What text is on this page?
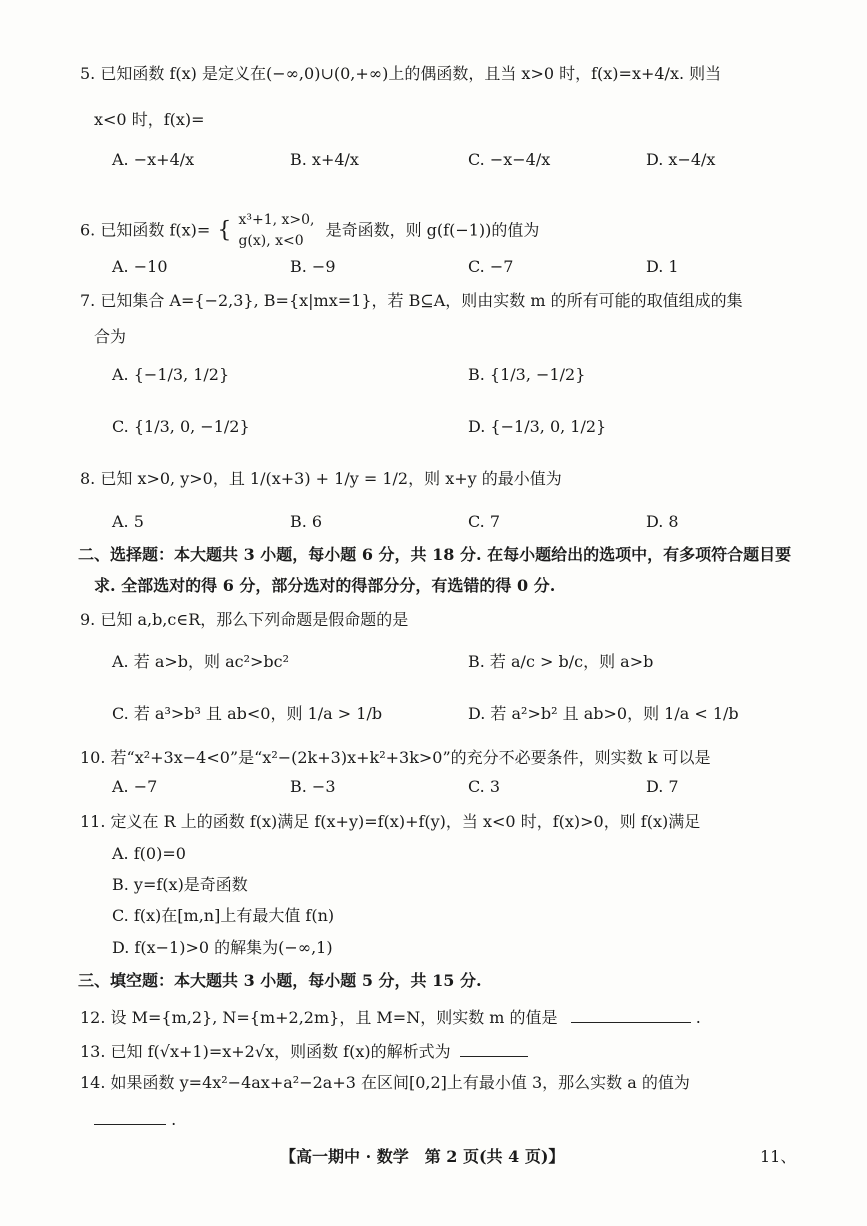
5. 已知函数 f(x) 是定义在(−∞,0)∪(0,+∞)上的偶函数，且当 x>0 时，f(x)=x+4/x. 则当
x<0 时，f(x)=
A. −x+4/x	B. x+4/x	C. −x−4/x	D. x−4/x
6. 已知函数 f(x)= { x³+1, x>0,
g(x), x<0
是奇函数，则 g(f(−1))的值为
A. −10	B. −9	C. −7	D. 1
7. 已知集合 A={−2,3}, B={x|mx=1}，若 B⊆A，则由实数 m 的所有可能的取值组成的集
合为
A. {−1/3, 1/2}	B. {1/3, −1/2}
C. {1/3, 0, −1/2}	D. {−1/3, 0, 1/2}
8. 已知 x>0, y>0，且 1/(x+3) + 1/y = 1/2，则 x+y 的最小值为
A. 5	B. 6	C. 7	D. 8
二、选择题：本大题共 3 小题，每小题 6 分，共 18 分. 在每小题给出的选项中，有多项符合题目要
求. 全部选对的得 6 分，部分选对的得部分分，有选错的得 0 分.
9. 已知 a,b,c∈R，那么下列命题是假命题的是
A. 若 a>b，则 ac²>bc²	B. 若 a/c > b/c，则 a>b
C. 若 a³>b³ 且 ab<0，则 1/a > 1/b	D. 若 a²>b² 且 ab>0，则 1/a < 1/b
10. 若“x²+3x−4<0”是“x²−(2k+3)x+k²+3k>0”的充分不必要条件，则实数 k 可以是
A. −7	B. −3	C. 3	D. 7
11. 定义在 R 上的函数 f(x)满足 f(x+y)=f(x)+f(y)，当 x<0 时，f(x)>0，则 f(x)满足
A. f(0)=0
B. y=f(x)是奇函数
C. f(x)在[m,n]上有最大值 f(n)
D. f(x−1)>0 的解集为(−∞,1)
三、填空题：本大题共 3 小题，每小题 5 分，共 15 分.
12. 设 M={m,2}, N={m+2,2m}，且 M=N，则实数 m 的值是	.
13. 已知 f(√x+1)=x+2√x，则函数 f(x)的解析式为
14. 如果函数 y=4x²−4ax+a²−2a+3 在区间[0,2]上有最小值 3，那么实数 a 的值为
.
【高一期中 · 数学　第 2 页(共 4 页)】	11、
